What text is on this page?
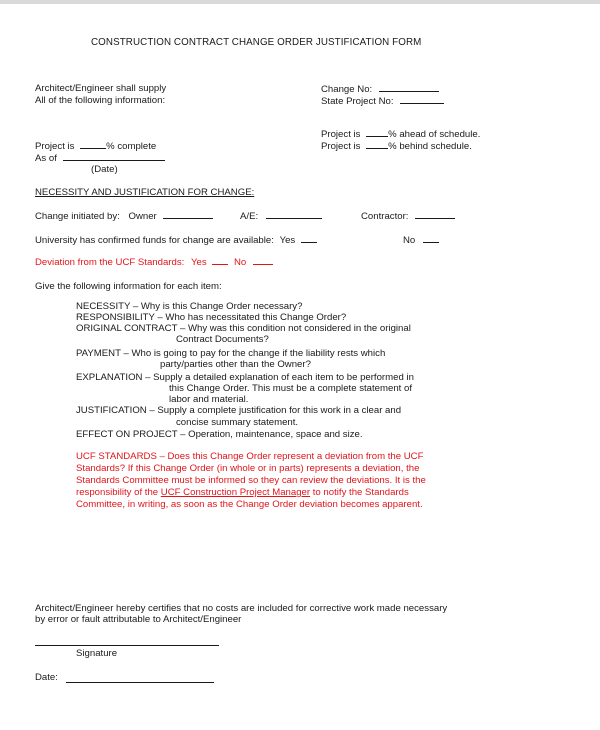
CONSTRUCTION CONTRACT CHANGE ORDER JUSTIFICATION FORM
Architect/Engineer shall supply
All of the following information:
Change No:
State Project No:
Project is	% ahead of schedule.
Project is	% behind schedule.
Project is	% complete
As of
(Date)
NECESSITY AND JUSTIFICATION FOR CHANGE:
Change initiated by: Owner	A/E:	Contractor:
University has confirmed funds for change are available: Yes	No
Deviation from the UCF Standards: Yes	No
Give the following information for each item:
NECESSITY – Why is this Change Order necessary?
RESPONSIBILITY – Who has necessitated this Change Order?
ORIGINAL CONTRACT – Why was this condition not considered in the original
Contract Documents?
PAYMENT – Who is going to pay for the change if the liability rests which
party/parties other than the Owner?
EXPLANATION – Supply a detailed explanation of each item to be performed in
this Change Order. This must be a complete statement of
labor and material.
JUSTIFICATION – Supply a complete justification for this work in a clear and
concise summary statement.
EFFECT ON PROJECT – Operation, maintenance, space and size.
UCF STANDARDS – Does this Change Order represent a deviation from the UCF
Standards? If this Change Order (in whole or in parts) represents a deviation, the
Standards Committee must be informed so they can review the deviations. It is the
responsibility of the UCF Construction Project Manager to notify the Standards
Committee, in writing, as soon as the Change Order deviation becomes apparent.
Architect/Engineer hereby certifies that no costs are included for corrective work made necessary
by error or fault attributable to Architect/Engineer
Signature
Date:
